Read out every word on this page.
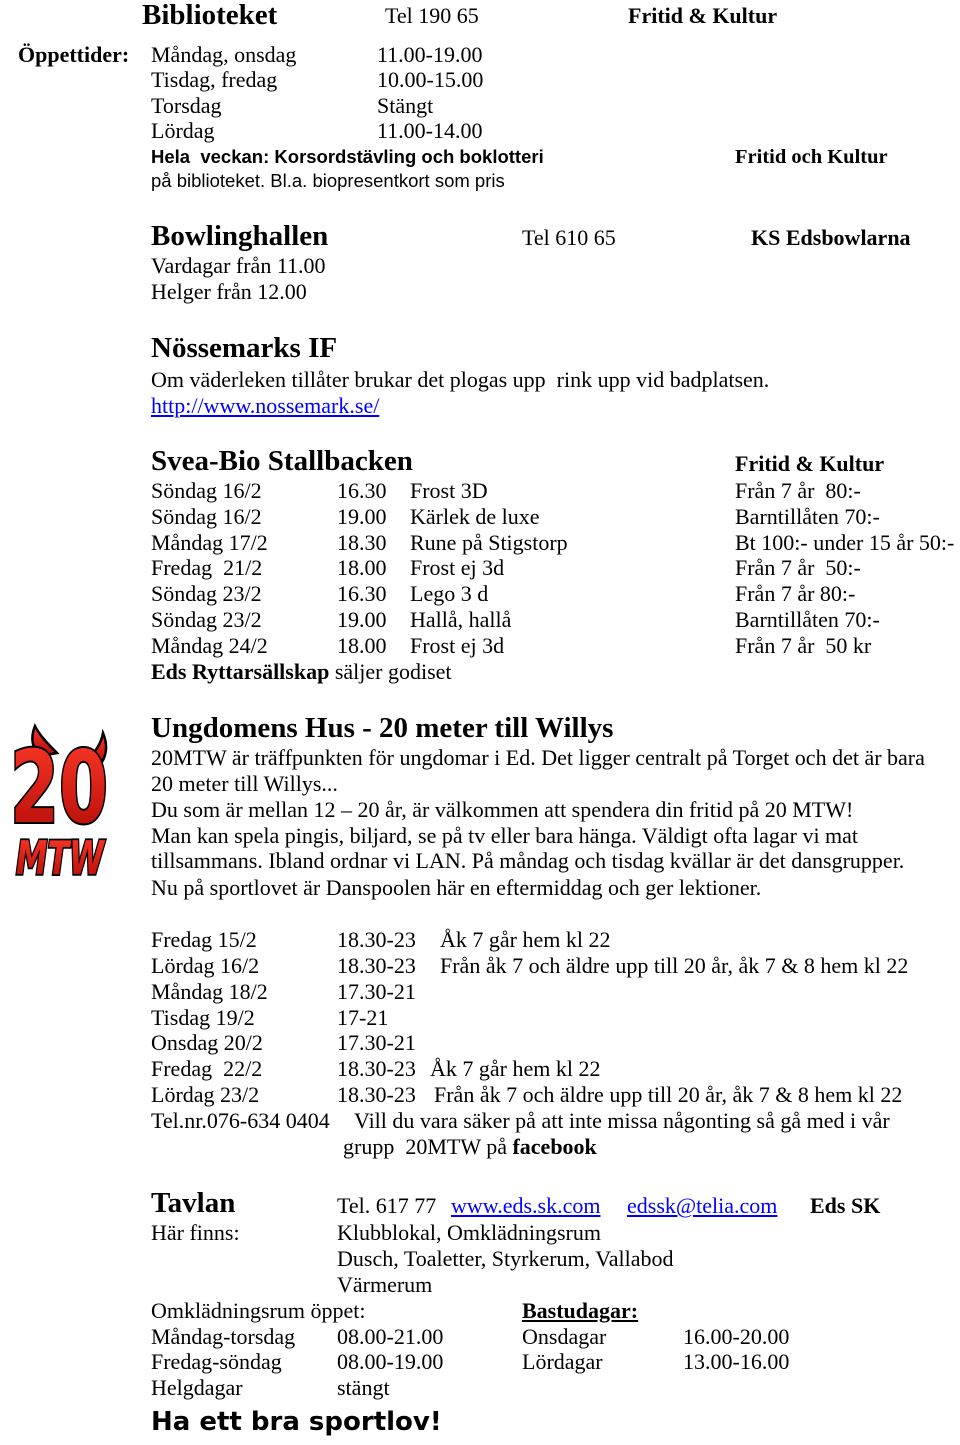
Biblioteket	Tel 190 65	Fritid & Kultur
Öppettider: Måndag, onsdag	11.00-19.00
Tisdag, fredag	10.00-15.00
Torsdag	Stängt
Lördag	11.00-14.00
Hela  veckan: Korsordstävling och boklotteri	Fritid och Kultur
på biblioteket. Bl.a. biopresentkort som pris
Bowlinghallen	Tel 610 65	KS Edsbowlarna
Vardagar från 11.00
Helger från 12.00
Nössemarks IF
Om väderleken tillåter brukar det plogas upp  rink upp vid badplatsen.
http://www.nossemark.se/
Svea-Bio Stallbacken	Fritid & Kultur
Söndag 16/2	16.30 Frost 3D	Från 7 år  80:-
Söndag 16/2	19.00 Kärlek de luxe	Barntillåten 70:-
Måndag 17/2	18.30 Rune på Stigstorp	Bt 100:- under 15 år 50:-
Fredag  21/2	18.00 Frost ej 3d	Från 7 år  50:-
Söndag 23/2	16.30 Lego 3 d	Från 7 år 80:-
Söndag 23/2	19.00 Hallå, hallå	Barntillåten 70:-
Måndag 24/2	18.00 Frost ej 3d	Från 7 år  50 kr
Eds Ryttarsällskap säljer godiset
20
MTW
Ungdomens Hus - 20 meter till Willys
20MTW är träffpunkten för ungdomar i Ed. Det ligger centralt på Torget och det är bara
20 meter till Willys...
Du som är mellan 12 – 20 år, är välkommen att spendera din fritid på 20 MTW!
Man kan spela pingis, biljard, se på tv eller bara hänga. Väldigt ofta lagar vi mat
tillsammans. Ibland ordnar vi LAN. På måndag och tisdag kvällar är det dansgrupper.
Nu på sportlovet är Danspoolen här en eftermiddag och ger lektioner.
Fredag 15/2	18.30-23 Åk 7 går hem kl 22
Lördag 16/2	18.30-23 Från åk 7 och äldre upp till 20 år, åk 7 & 8 hem kl 22
Måndag 18/2	17.30-21
Tisdag 19/2	17-21
Onsdag 20/2	17.30-21
Fredag  22/2	18.30-23 Åk 7 går hem kl 22
Lördag 23/2	18.30-23 Från åk 7 och äldre upp till 20 år, åk 7 & 8 hem kl 22
Tel.nr.076-634 0404 Vill du vara säker på att inte missa någonting så gå med i vår
grupp  20MTW på facebook
Tavlan	Tel. 617 77 www.eds.sk.com edssk@telia.com Eds SK
Här finns:	Klubblokal, Omklädningsrum
Dusch, Toaletter, Styrkerum, Vallabod
Värmerum
Omklädningsrum öppet:	Bastudagar:
Måndag-torsdag 08.00-21.00	Onsdagar	16.00-20.00
Fredag-söndag	08.00-19.00	Lördagar	13.00-16.00
Helgdagar	stängt
Ha ett bra sportlov!
